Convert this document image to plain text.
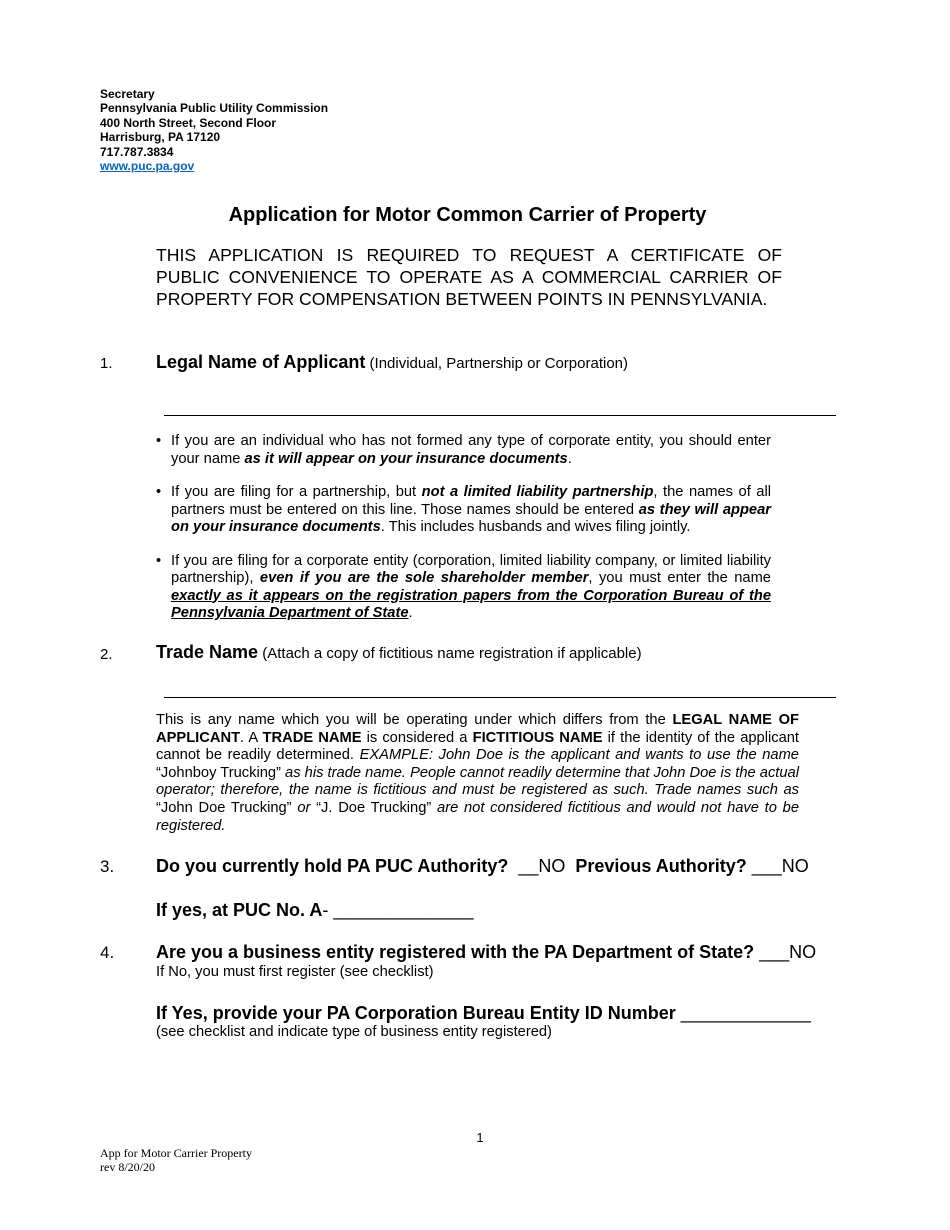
Secretary
Pennsylvania Public Utility Commission
400 North Street, Second Floor
Harrisburg, PA 17120
717.787.3834
www.puc.pa.gov
Application for Motor Common Carrier of Property
THIS APPLICATION IS REQUIRED TO REQUEST A CERTIFICATE OF PUBLIC CONVENIENCE TO OPERATE AS A COMMERCIAL CARRIER OF PROPERTY FOR COMPENSATION BETWEEN POINTS IN PENNSYLVANIA.
1. Legal Name of Applicant (Individual, Partnership or Corporation)
• If you are an individual who has not formed any type of corporate entity, you should enter your name as it will appear on your insurance documents.
• If you are filing for a partnership, but not a limited liability partnership, the names of all partners must be entered on this line. Those names should be entered as they will appear on your insurance documents. This includes husbands and wives filing jointly.
• If you are filing for a corporate entity (corporation, limited liability company, or limited liability partnership), even if you are the sole shareholder member, you must enter the name exactly as it appears on the registration papers from the Corporation Bureau of the Pennsylvania Department of State.
2. Trade Name (Attach a copy of fictitious name registration if applicable)
This is any name which you will be operating under which differs from the LEGAL NAME OF APPLICANT. A TRADE NAME is considered a FICTITIOUS NAME if the identity of the applicant cannot be readily determined. EXAMPLE: John Doe is the applicant and wants to use the name “Johnboy Trucking” as his trade name. People cannot readily determine that John Doe is the actual operator; therefore, the name is fictitious and must be registered as such. Trade names such as “John Doe Trucking” or “J. Doe Trucking” are not considered fictitious and would not have to be registered.
3. Do you currently hold PA PUC Authority?  __NO  Previous Authority? ___NO
If yes, at PUC No. A- ______________
4. Are you a business entity registered with the PA Department of State? ___NO
If No, you must first register (see checklist)
If Yes, provide your PA Corporation Bureau Entity ID Number _____________
(see checklist and indicate type of business entity registered)
1
App for Motor Carrier Property
rev 8/20/20
